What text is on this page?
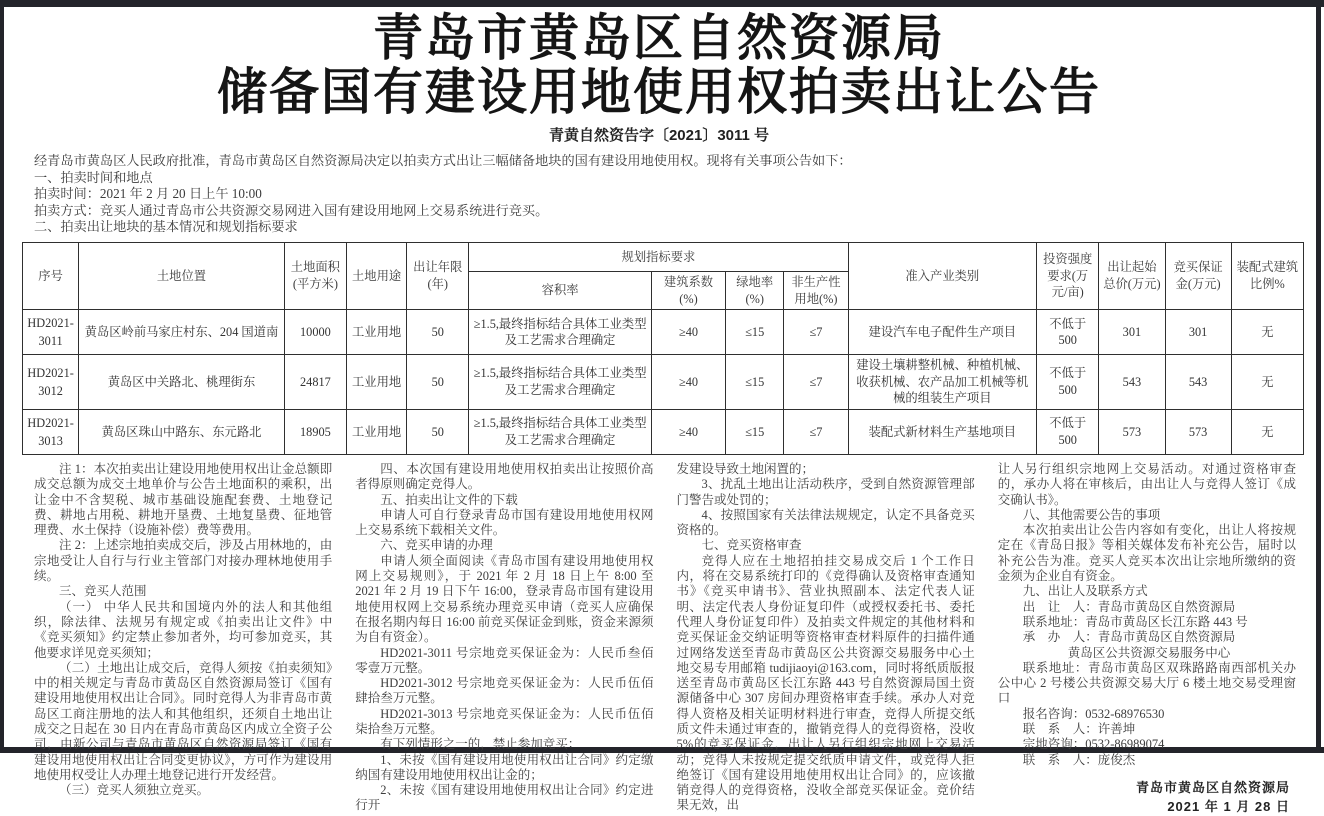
青岛市黄岛区自然资源局
储备国有建设用地使用权拍卖出让公告
青黄自然资告字〔2021〕3011 号

经青岛市黄岛区人民政府批准，青岛市黄岛区自然资源局决定以拍卖方式出让三幅储备地块的国有建设用地使用权。现将有关事项公告如下：

一、拍卖时间和地点

拍卖时间：2021 年 2 月 20 日上午 10:00

拍卖方式：竞买人通过青岛市公共资源交易网进入国有建设用地网上交易系统进行竞买。

二、拍卖出让地块的基本情况和规划指标要求

序号	土地位置	土地面积(平方米)	土地用途	出让年限(年)	规划指标要求				准入产业类别	投资强度要求(万元/亩)	出让起始总价(万元)	竞买保证金(万元)	装配式建筑比例%
					容积率	建筑系数(%)	绿地率(%)	非生产性用地(%)					
HD2021-3011	黄岛区岭前马家庄村东、204 国道南	10000	工业用地	50	≥1.5,最终指标结合具体工业类型及工艺需求合理确定	≥40	≤15	≤7	建设汽车电子配件生产项目	不低于 500	301	301	无
HD2021-3012	黄岛区中关路北、桃理街东	24817	工业用地	50	≥1.5,最终指标结合具体工业类型及工艺需求合理确定	≥40	≤15	≤7	建设土壤耕整机械、种植机械、收获机械、农产品加工机械等机械的组装生产项目	不低于 500	543	543	无
HD2021-3013	黄岛区珠山中路东、东元路北	18905	工业用地	50	≥1.5,最终指标结合具体工业类型及工艺需求合理确定	≥40	≤15	≤7	装配式新材料生产基地项目	不低于 500	573	573	无

注 1：本次拍卖出让建设用地使用权出让金总额即成交总额为成交土地单价与公告土地面积的乘积，出让金中不含契税、城市基础设施配套费、土地登记费、耕地占用税、耕地开垦费、土地复垦费、征地管理费、水土保持（设施补偿）费等费用。

注 2：上述宗地拍卖成交后，涉及占用林地的，由宗地受让人自行与行业主管部门对接办理林地使用手续。

三、竞买人范围

（一） 中华人民共和国境内外的法人和其他组织，除法律、法规另有规定或《拍卖出让文件》中《竞买须知》约定禁止参加者外，均可参加竞买，其他要求详见竞买须知；

（二）土地出让成交后，竞得人须按《拍卖须知》中的相关规定与青岛市黄岛区自然资源局签订《国有建设用地使用权出让合同》。同时竞得人为非青岛市黄岛区工商注册地的法人和其他组织，还须自土地出让成交之日起在 30 日内在青岛市黄岛区内成立全资子公司，由新公司与青岛市黄岛区自然资源局签订《国有建设用地使用权出让合同变更协议》，方可作为建设用地使用权受让人办理土地登记进行开发经营。

（三）竞买人须独立竞买。

四、本次国有建设用地使用权拍卖出让按照价高者得原则确定竞得人。

五、拍卖出让文件的下载

申请人可自行登录青岛市国有建设用地使用权网上交易系统下载相关文件。

六、竞买申请的办理

申请人须全面阅读《青岛市国有建设用地使用权网上交易规则》，于 2021 年 2 月 18 日上午 8:00 至 2021 年 2 月 19 日下午 16:00，登录青岛市国有建设用地使用权网上交易系统办理竞买申请（竞买人应确保在报名期内每日 16:00 前竞买保证金到账，资金来源须为自有资金）。

HD2021-3011 号宗地竞买保证金为：人民币叁佰零壹万元整。

HD2021-3012 号宗地竞买保证金为：人民币伍佰肆拾叁万元整。

HD2021-3013 号宗地竞买保证金为：人民币伍佰柒拾叁万元整。

有下列情形之一的，禁止参加竞买：

1、未按《国有建设用地使用权出让合同》约定缴纳国有建设用地使用权出让金的；

2、未按《国有建设用地使用权出让合同》约定进行开

发建设导致土地闲置的；

3、扰乱土地出让活动秩序，受到自然资源管理部门警告或处罚的；

4、按照国家有关法律法规规定，认定不具备竞买资格的。

七、竞买资格审查

竞得人应在土地招拍挂交易成交后 1 个工作日内，将在交易系统打印的《竞得确认及资格审查通知书》《竞买申请书》、营业执照副本、法定代表人证明、法定代表人身份证复印件（或授权委托书、委托代理人身份证复印件）及拍卖文件规定的其他材料和竞买保证金交纳证明等资格审查材料原件的扫描件通过网络发送至青岛市黄岛区公共资源交易服务中心土地交易专用邮箱 tudijiaoyi@163.com，同时将纸质版报送至青岛市黄岛区长江东路 443 号自然资源局国土资源储备中心 307 房间办理资格审查手续。承办人对竞得人资格及相关证明材料进行审查，竞得人所提交纸质文件未通过审查的，撤销竞得人的竞得资格，没收 5%的竞买保证金，出让人另行组织宗地网上交易活动；竞得人未按规定提交纸质申请文件，或竞得人拒绝签订《国有建设用地使用权出让合同》的，应该撤销竞得人的竞得资格，没收全部竞买保证金。竞价结果无效，出

让人另行组织宗地网上交易活动。对通过资格审查的，承办人将在审核后，由出让人与竞得人签订《成交确认书》。

八、其他需要公告的事项

本次拍卖出让公告内容如有变化，出让人将按规定在《青岛日报》等相关媒体发布补充公告，届时以补充公告为准。竞买人竞买本次出让宗地所缴纳的资金须为企业自有资金。

九、出让人及联系方式

出　让　人：青岛市黄岛区自然资源局

联系地址：青岛市黄岛区长江东路 443 号

承　办　人：青岛市黄岛区自然资源局

黄岛区公共资源交易服务中心

联系地址：青岛市黄岛区双珠路路南西部机关办公中心 2 号楼公共资源交易大厅 6 楼土地交易受理窗口

报名咨询：0532-68976530

联　系　人：许善坤

宗地咨询：0532-86989074

联　系　人：庞俊杰

青岛市黄岛区自然资源局
2021 年 1 月 28 日
